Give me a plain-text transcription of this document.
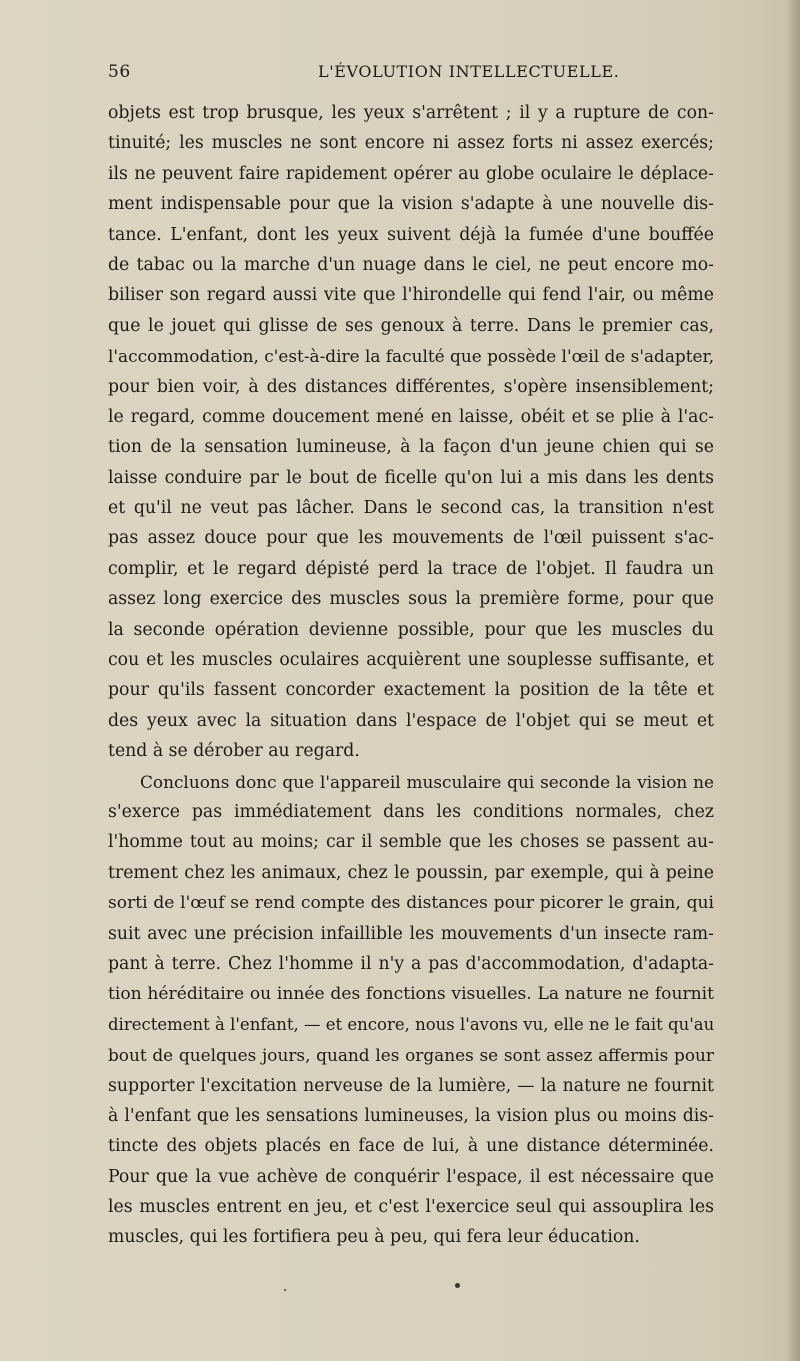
56	L'ÉVOLUTION INTELLECTUELLE.
objets est trop brusque, les yeux s'arrêtent ; il y a rupture de con-
tinuité; les muscles ne sont encore ni assez forts ni assez exercés;
ils ne peuvent faire rapidement opérer au globe oculaire le déplace-
ment indispensable pour que la vision s'adapte à une nouvelle dis-
tance. L'enfant, dont les yeux suivent déjà la fumée d'une bouffée
de tabac ou la marche d'un nuage dans le ciel, ne peut encore mo-
biliser son regard aussi vite que l'hirondelle qui fend l'air, ou même
que le jouet qui glisse de ses genoux à terre. Dans le premier cas,
l'accommodation, c'est-à-dire la faculté que possède l'œil de s'adapter,
pour bien voir, à des distances différentes, s'opère insensiblement;
le regard, comme doucement mené en laisse, obéit et se plie à l'ac-
tion de la sensation lumineuse, à la façon d'un jeune chien qui se
laisse conduire par le bout de ficelle qu'on lui a mis dans les dents
et qu'il ne veut pas lâcher. Dans le second cas, la transition n'est
pas assez douce pour que les mouvements de l'œil puissent s'ac-
complir, et le regard dépisté perd la trace de l'objet. Il faudra un
assez long exercice des muscles sous la première forme, pour que
la seconde opération devienne possible, pour que les muscles du
cou et les muscles oculaires acquièrent une souplesse suffisante, et
pour qu'ils fassent concorder exactement la position de la tête et
des yeux avec la situation dans l'espace de l'objet qui se meut et
tend à se dérober au regard.
Concluons donc que l'appareil musculaire qui seconde la vision ne
s'exerce pas immédiatement dans les conditions normales, chez
l'homme tout au moins; car il semble que les choses se passent au-
trement chez les animaux, chez le poussin, par exemple, qui à peine
sorti de l'œuf se rend compte des distances pour picorer le grain, qui
suit avec une précision infaillible les mouvements d'un insecte ram-
pant à terre. Chez l'homme il n'y a pas d'accommodation, d'adapta-
tion héréditaire ou innée des fonctions visuelles. La nature ne fournit
directement à l'enfant, — et encore, nous l'avons vu, elle ne le fait qu'au
bout de quelques jours, quand les organes se sont assez affermis pour
supporter l'excitation nerveuse de la lumière, — la nature ne fournit
à l'enfant que les sensations lumineuses, la vision plus ou moins dis-
tincte des objets placés en face de lui, à une distance déterminée.
Pour que la vue achève de conquérir l'espace, il est nécessaire que
les muscles entrent en jeu, et c'est l'exercice seul qui assouplira les
muscles, qui les fortifiera peu à peu, qui fera leur éducation.
